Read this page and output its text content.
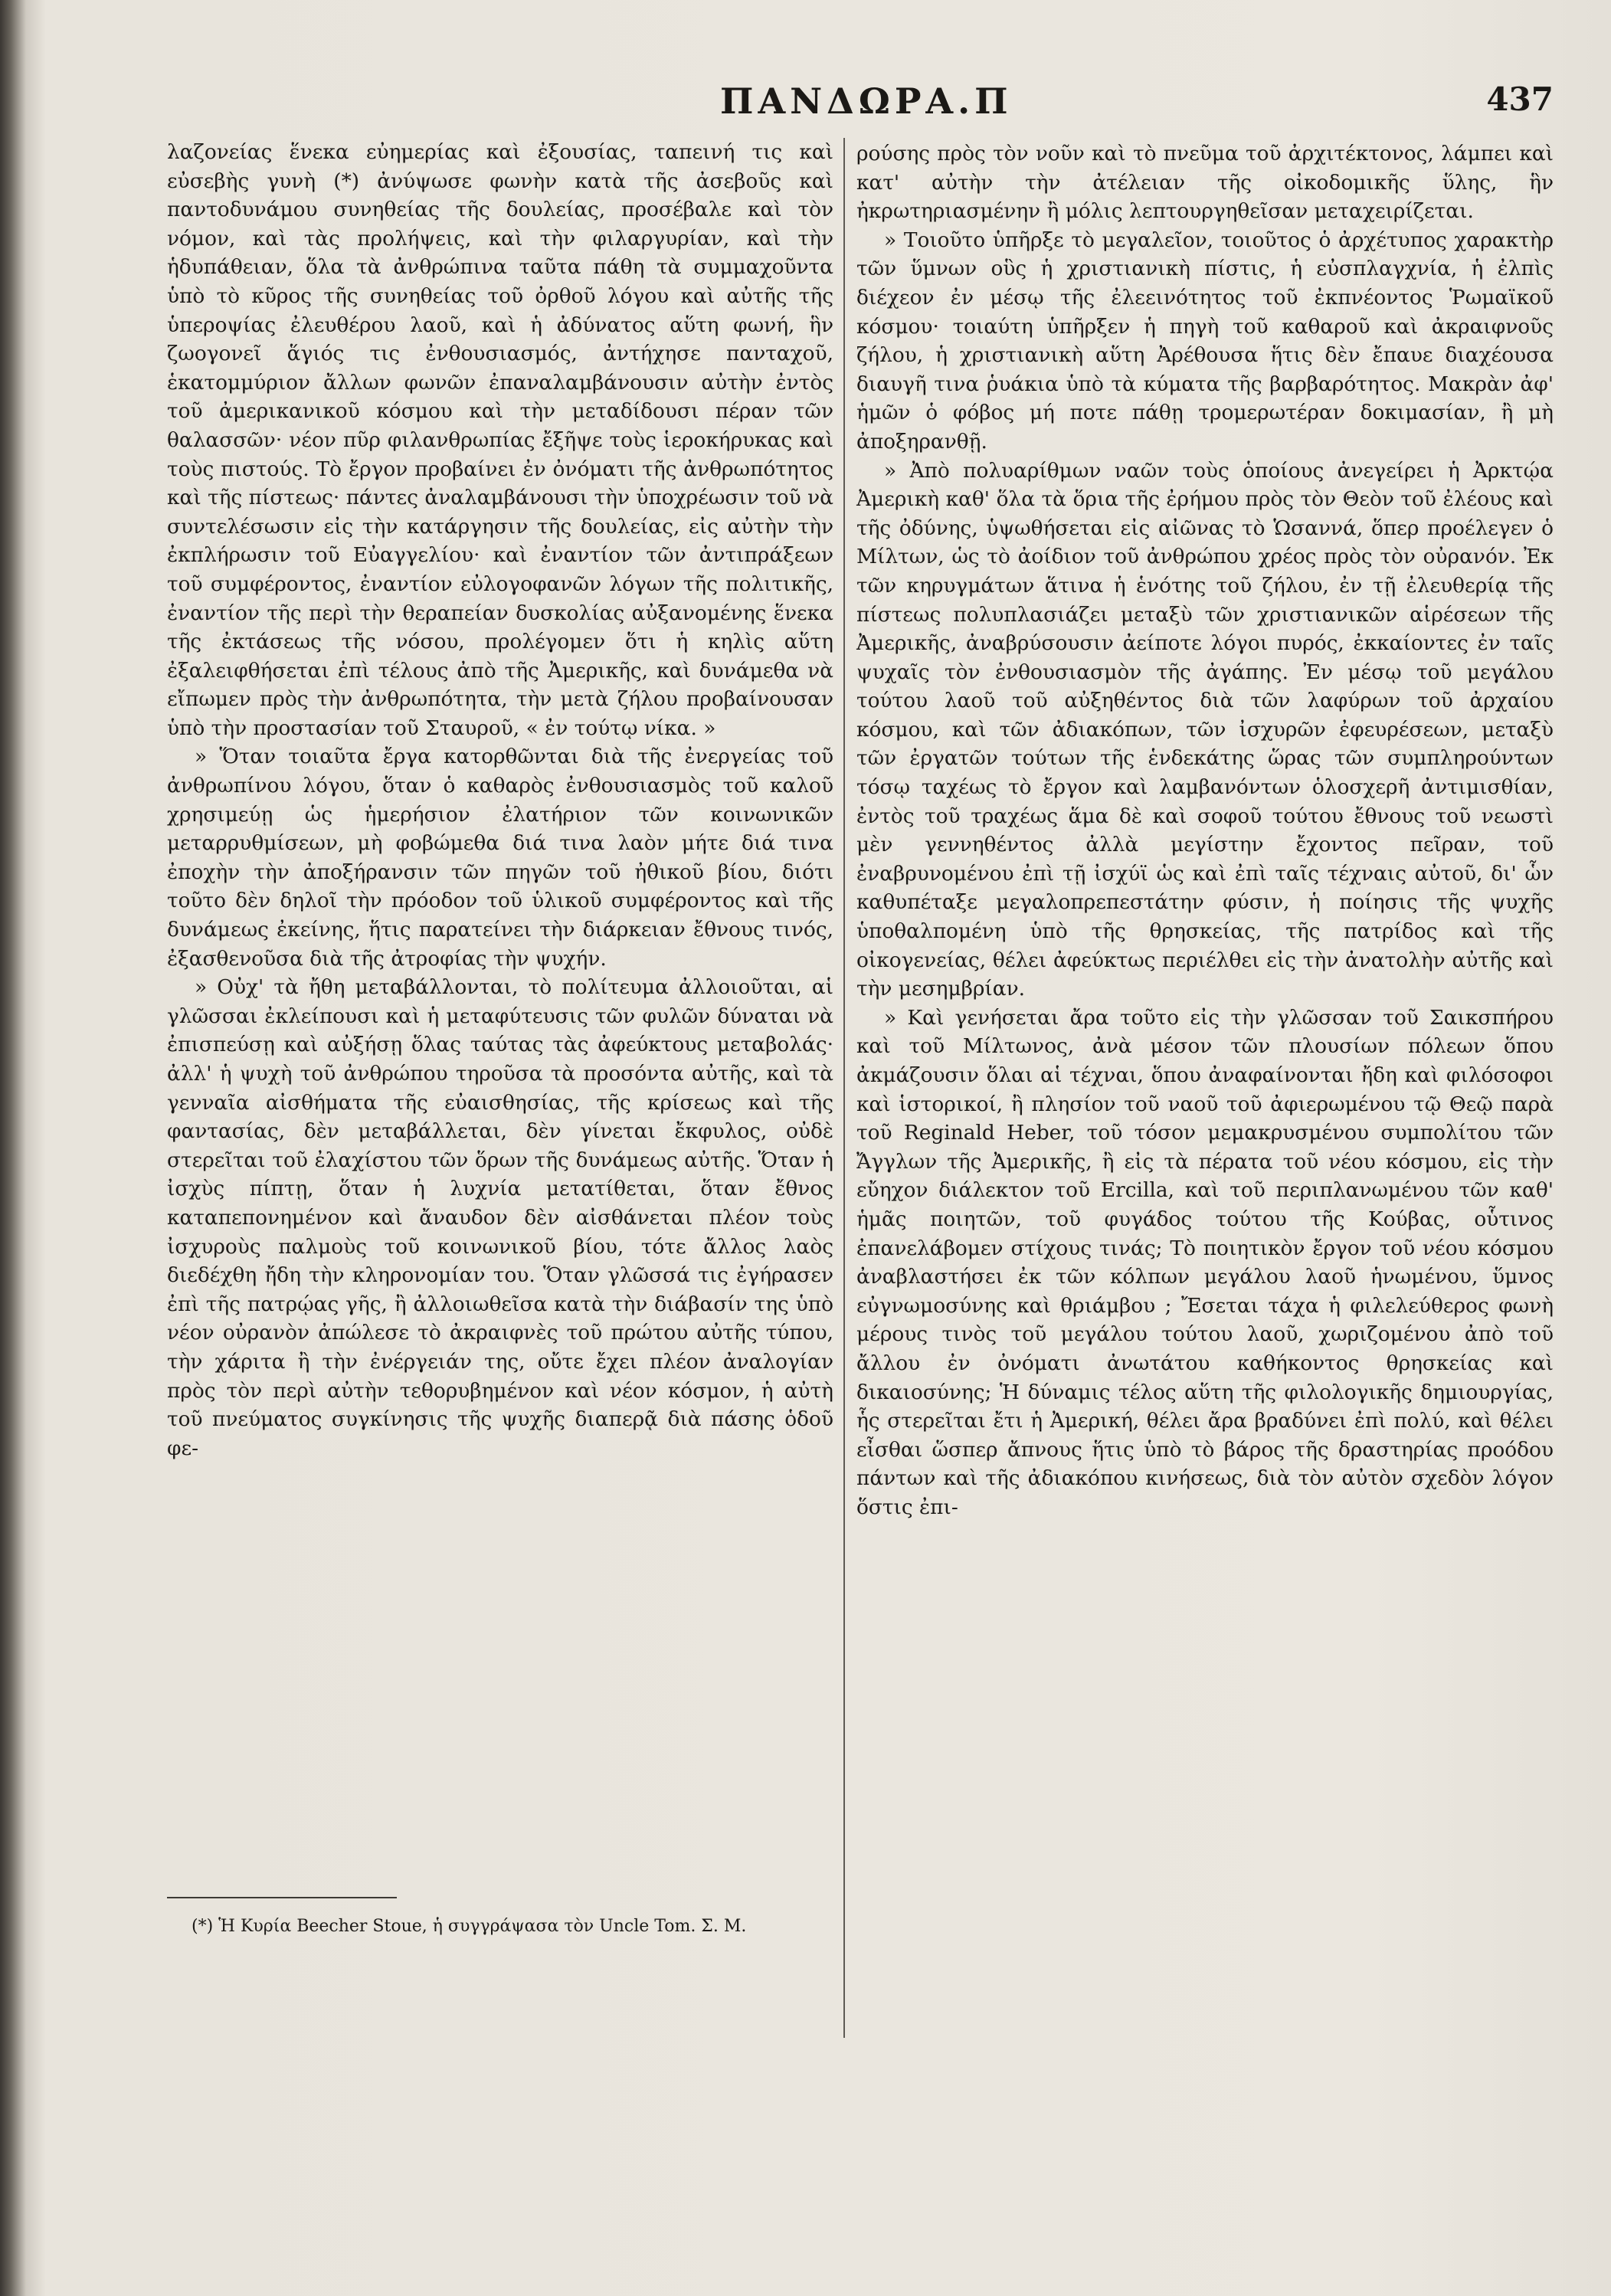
ΠΑΝΔΩΡΑ.Π	437

λαζονείας ἕνεκα εὐημερίας καὶ ἐξουσίας, ταπεινή τις καὶ εὐσεβὴς γυνὴ (*) ἀνύψωσε φωνὴν κατὰ τῆς ἀσεβοῦς καὶ παντοδυνάμου συνηθείας τῆς δουλείας, προσέβαλε καὶ τὸν νόμον, καὶ τὰς προλήψεις, καὶ τὴν φιλαργυρίαν, καὶ τὴν ἡδυπάθειαν, ὅλα τὰ ἀνθρώπινα ταῦτα πάθη τὰ συμμαχοῦντα ὑπὸ τὸ κῦρος τῆς συνηθείας τοῦ ὀρθοῦ λόγου καὶ αὐτῆς τῆς ὑπεροψίας ἐλευθέρου λαοῦ, καὶ ἡ ἀδύνατος αὕτη φωνή, ἣν ζωογονεῖ ἅγιός τις ἐνθουσιασμός, ἀντήχησε πανταχοῦ, ἑκατομμύριον ἄλλων φωνῶν ἐπαναλαμβάνουσιν αὐτὴν ἐντὸς τοῦ ἀμερικανικοῦ κόσμου καὶ τὴν μεταδίδουσι πέραν τῶν θαλασσῶν· νέον πῦρ φιλανθρωπίας ἔξῆψε τοὺς ἱεροκήρυκας καὶ τοὺς πιστούς. Τὸ ἔργον προβαίνει ἐν ὀνόματι τῆς ἀνθρωπότητος καὶ τῆς πίστεως· πάντες ἀναλαμβάνουσι τὴν ὑποχρέωσιν τοῦ νὰ συντελέσωσιν εἰς τὴν κατάργησιν τῆς δουλείας, εἰς αὐτὴν τὴν ἐκπλήρωσιν τοῦ Εὐαγγελίου· καὶ ἐναντίον τῶν ἀντιπράξεων τοῦ συμφέροντος, ἐναντίον εὐλογοφανῶν λόγων τῆς πολιτικῆς, ἐναντίον τῆς περὶ τὴν θεραπείαν δυσκολίας αὐξανομένης ἕνεκα τῆς ἐκτάσεως τῆς νόσου, προλέγομεν ὅτι ἡ κηλὶς αὕτη ἐξαλειφθήσεται ἐπὶ τέλους ἀπὸ τῆς Ἀμερικῆς, καὶ δυνάμεθα νὰ εἴπωμεν πρὸς τὴν ἀνθρωπότητα, τὴν μετὰ ζήλου προβαίνουσαν ὑπὸ τὴν προστασίαν τοῦ Σταυροῦ, « ἐν τούτῳ νίκα. »

» Ὅταν τοιαῦτα ἔργα κατορθῶνται διὰ τῆς ἐνεργείας τοῦ ἀνθρωπίνου λόγου, ὅταν ὁ καθαρὸς ἐνθουσιασμὸς τοῦ καλοῦ χρησιμεύῃ ὡς ἡμερήσιον ἐλατήριον τῶν κοινωνικῶν μεταρρυθμίσεων, μὴ φοβώμεθα διά τινα λαὸν μήτε διά τινα ἐποχὴν τὴν ἀποξήρανσιν τῶν πηγῶν τοῦ ἠθικοῦ βίου, διότι τοῦτο δὲν δηλοῖ τὴν πρόοδον τοῦ ὑλικοῦ συμφέροντος καὶ τῆς δυνάμεως ἐκείνης, ἥτις παρατείνει τὴν διάρκειαν ἔθνους τινός, ἐξασθενοῦσα διὰ τῆς ἀτροφίας τὴν ψυχήν.

» Οὐχ' τὰ ἤθη μεταβάλλονται, τὸ πολίτευμα ἀλλοιοῦται, αἱ γλῶσσαι ἐκλείπουσι καὶ ἡ μεταφύτευσις τῶν φυλῶν δύναται νὰ ἐπισπεύσῃ καὶ αὐξήσῃ ὅλας ταύτας τὰς ἀφεύκτους μεταβολάς· ἀλλ' ἡ ψυχὴ τοῦ ἀνθρώπου τηροῦσα τὰ προσόντα αὐτῆς, καὶ τὰ γενναῖα αἰσθήματα τῆς εὐαισθησίας, τῆς κρίσεως καὶ τῆς φαντασίας, δὲν μεταβάλλεται, δὲν γίνεται ἔκφυλος, οὐδὲ στερεῖται τοῦ ἐλαχίστου τῶν ὅρων τῆς δυνάμεως αὐτῆς. Ὅταν ἡ ἰσχὺς πίπτῃ, ὅταν ἡ λυχνία μετατίθεται, ὅταν ἔθνος καταπεπονημένον καὶ ἄναυδον δὲν αἰσθάνεται πλέον τοὺς ἰσχυροὺς παλμοὺς τοῦ κοινωνικοῦ βίου, τότε ἄλλος λαὸς διεδέχθη ἤδη τὴν κληρονομίαν του. Ὅταν γλῶσσά τις ἐγήρασεν ἐπὶ τῆς πατρῴας γῆς, ἢ ἀλλοιωθεῖσα κατὰ τὴν διάβασίν της ὑπὸ νέον οὐρανὸν ἀπώλεσε τὸ ἀκραιφνὲς τοῦ πρώτου αὐτῆς τύπου, τὴν χάριτα ἢ τὴν ἐνέργειάν της, οὔτε ἔχει πλέον ἀναλογίαν πρὸς τὸν περὶ αὐτὴν τεθορυβημένον καὶ νέον κόσμον, ἡ αὐτὴ τοῦ πνεύματος συγκίνησις τῆς ψυχῆς διαπερᾷ διὰ πάσης ὁδοῦ φε-

ρούσης πρὸς τὸν νοῦν καὶ τὸ πνεῦμα τοῦ ἀρχιτέκτονος, λάμπει καὶ κατ' αὐτὴν τὴν ἀτέλειαν τῆς οἰκοδομικῆς ὕλης, ἣν ἠκρωτηριασμένην ἢ μόλις λεπτουργηθεῖσαν μεταχειρίζεται.

» Τοιοῦτο ὑπῆρξε τὸ μεγαλεῖον, τοιοῦτος ὁ ἀρχέτυπος χαρακτὴρ τῶν ὕμνων οὓς ἡ χριστιανικὴ πίστις, ἡ εὐσπλαγχνία, ἡ ἐλπὶς διέχεον ἐν μέσῳ τῆς ἐλεεινότητος τοῦ ἐκπνέοντος Ῥωμαϊκοῦ κόσμου· τοιαύτη ὑπῆρξεν ἡ πηγὴ τοῦ καθαροῦ καὶ ἀκραιφνοῦς ζήλου, ἡ χριστιανικὴ αὕτη Ἀρέθουσα ἥτις δὲν ἔπαυε διαχέουσα διαυγῆ τινα ῥυάκια ὑπὸ τὰ κύματα τῆς βαρβαρότητος. Μακρὰν ἀφ' ἡμῶν ὁ φόβος μή ποτε πάθῃ τρομερωτέραν δοκιμασίαν, ἢ μὴ ἀποξηρανθῇ.

» Ἀπὸ πολυαρίθμων ναῶν τοὺς ὁποίους ἀνεγείρει ἡ Ἀρκτῴα Ἀμερικὴ καθ' ὅλα τὰ ὅρια τῆς ἐρήμου πρὸς τὸν Θεὸν τοῦ ἐλέους καὶ τῆς ὀδύνης, ὑψωθήσεται εἰς αἰῶνας τὸ Ὡσαννά, ὅπερ προέλεγεν ὁ Μίλτων, ὡς τὸ ἀοίδιον τοῦ ἀνθρώπου χρέος πρὸς τὸν οὐρανόν. Ἐκ τῶν κηρυγμάτων ἅτινα ἡ ἑνότης τοῦ ζήλου, ἐν τῇ ἐλευθερίᾳ τῆς πίστεως πολυπλασιάζει μεταξὺ τῶν χριστιανικῶν αἱρέσεων τῆς Ἀμερικῆς, ἀναβρύσουσιν ἀείποτε λόγοι πυρός, ἐκκαίοντες ἐν ταῖς ψυχαῖς τὸν ἐνθουσιασμὸν τῆς ἀγάπης. Ἐν μέσῳ τοῦ μεγάλου τούτου λαοῦ τοῦ αὐξηθέντος διὰ τῶν λαφύρων τοῦ ἀρχαίου κόσμου, καὶ τῶν ἀδιακόπων, τῶν ἰσχυρῶν ἐφευρέσεων, μεταξὺ τῶν ἐργατῶν τούτων τῆς ἑνδεκάτης ὥρας τῶν συμπληρούντων τόσῳ ταχέως τὸ ἔργον καὶ λαμβανόντων ὁλοσχερῆ ἀντιμισθίαν, ἐντὸς τοῦ τραχέως ἅμα δὲ καὶ σοφοῦ τούτου ἔθνους τοῦ νεωστὶ μὲν γεννηθέντος ἀλλὰ μεγίστην ἔχοντος πεῖραν, τοῦ ἐναβρυνομένου ἐπὶ τῇ ἰσχύϊ ὡς καὶ ἐπὶ ταῖς τέχναις αὐτοῦ, δι' ὧν καθυπέταξε μεγαλοπρεπεστάτην φύσιν, ἡ ποίησις τῆς ψυχῆς ὑποθαλπομένη ὑπὸ τῆς θρησκείας, τῆς πατρίδος καὶ τῆς οἰκογενείας, θέλει ἀφεύκτως περιέλθει εἰς τὴν ἀνατολὴν αὐτῆς καὶ τὴν μεσημβρίαν.

» Καὶ γενήσεται ἄρα τοῦτο εἰς τὴν γλῶσσαν τοῦ Σαικσπήρου καὶ τοῦ Μίλτωνος, ἀνὰ μέσον τῶν πλουσίων πόλεων ὅπου ἀκμάζουσιν ὅλαι αἱ τέχναι, ὅπου ἀναφαίνονται ἤδη καὶ φιλόσοφοι καὶ ἱστορικοί, ἢ πλησίον τοῦ ναοῦ τοῦ ἀφιερωμένου τῷ Θεῷ παρὰ τοῦ Reginald Heber, τοῦ τόσον μεμακρυσμένου συμπολίτου τῶν Ἄγγλων τῆς Ἀμερικῆς, ἢ εἰς τὰ πέρατα τοῦ νέου κόσμου, εἰς τὴν εὔηχον διάλεκτον τοῦ Ercilla, καὶ τοῦ περιπλανωμένου τῶν καθ' ἡμᾶς ποιητῶν, τοῦ φυγάδος τούτου τῆς Κούβας, οὗτινος ἐπανελάβομεν στίχους τινάς; Τὸ ποιητικὸν ἔργον τοῦ νέου κόσμου ἀναβλαστήσει ἐκ τῶν κόλπων μεγάλου λαοῦ ἡνωμένου, ὕμνος εὐγνωμοσύνης καὶ θριάμβου ; Ἔσεται τάχα ἡ φιλελεύθερος φωνὴ μέρους τινὸς τοῦ μεγάλου τούτου λαοῦ, χωριζομένου ἀπὸ τοῦ ἄλλου ἐν ὀνόματι ἀνωτάτου καθήκοντος θρησκείας καὶ δικαιοσύνης; Ἡ δύναμις τέλος αὕτη τῆς φιλολογικῆς δημιουργίας, ἧς στερεῖται ἔτι ἡ Ἀμερική, θέλει ἄρα βραδύνει ἐπὶ πολύ, καὶ θέλει εἶσθαι ὥσπερ ἄπνους ἥτις ὑπὸ τὸ βάρος τῆς δραστηρίας προόδου πάντων καὶ τῆς ἀδιακόπου κινήσεως, διὰ τὸν αὐτὸν σχεδὸν λόγον ὅστις ἐπι-

(*) Ἡ Κυρία Beecher Stoue, ἡ συγγράψασα τὸν Uncle Tom. Σ. Μ.
